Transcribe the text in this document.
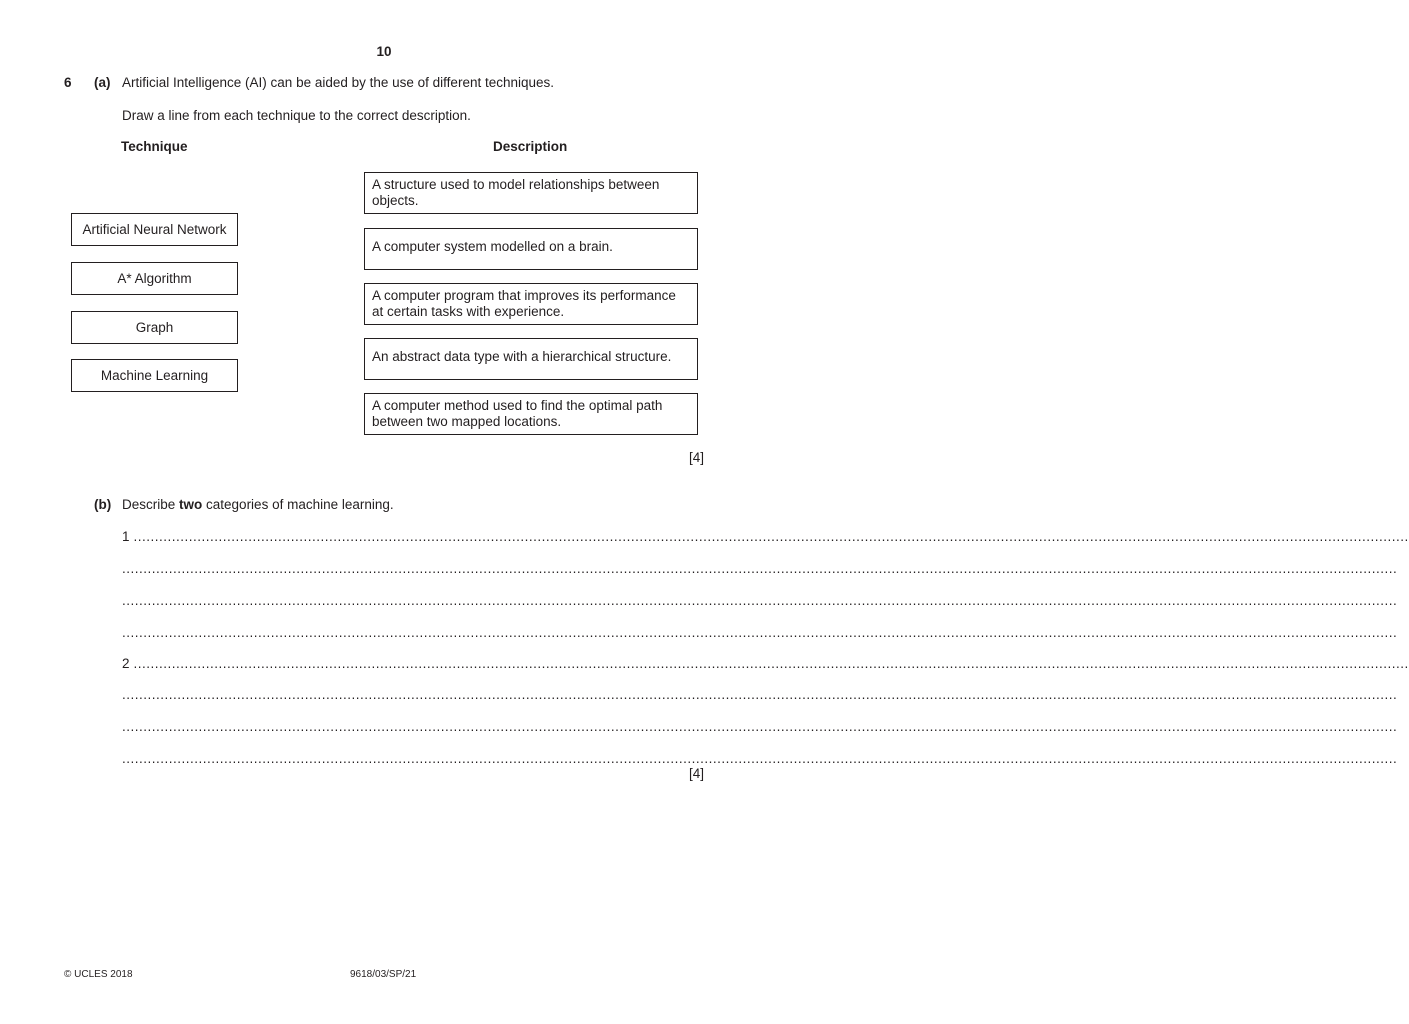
10
6 (a) Artificial Intelligence (AI) can be aided by the use of different techniques.
Draw a line from each technique to the correct description.
Technique	Description
Artificial Neural Network
A* Algorithm
Graph
Machine Learning
A structure used to model relationships between objects.
A computer system modelled on a brain.
A computer program that improves its performance at certain tasks with experience.
An abstract data type with a hierarchical structure.
A computer method used to find the optimal path between two mapped locations.
[4]
(b) Describe two categories of machine learning.
1 ............................................................................................................................................................................................................................................................................................................
............................................................................................................................................................................................................................................................................................................
............................................................................................................................................................................................................................................................................................................
............................................................................................................................................................................................................................................................................................................
2 ............................................................................................................................................................................................................................................................................................................
............................................................................................................................................................................................................................................................................................................
............................................................................................................................................................................................................................................................................................................
............................................................................................................................................................................................................................................................................................................
[4]
© UCLES 2018	9618/03/SP/21
